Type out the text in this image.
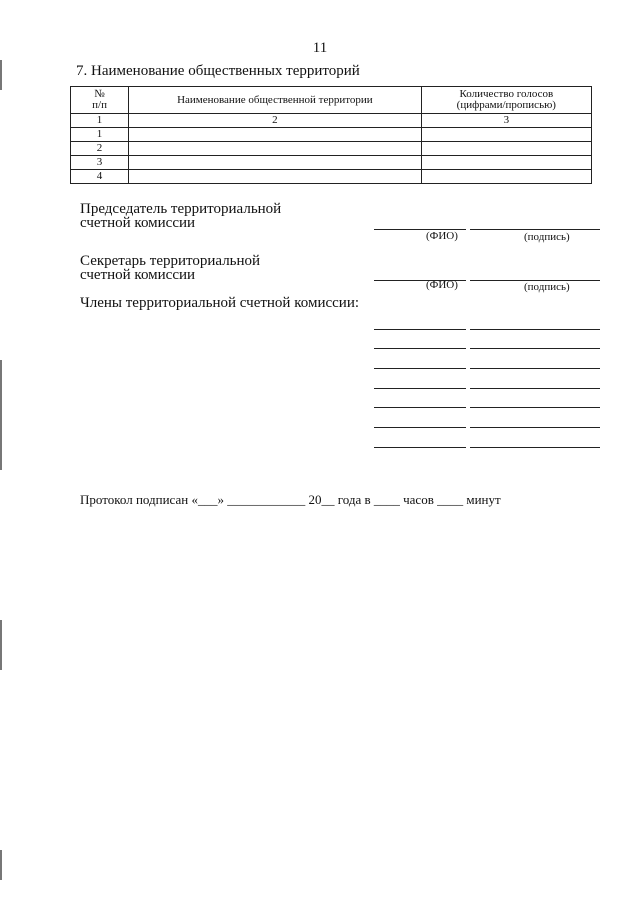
11
7. Наименование общественных территорий
№
п/п	Наименование общественной территории	Количество голосов
(цифрами/прописью)
1	2	3
1		
2		
3		
4		
Председатель территориальной
счетной комиссии
(ФИО)	(подпись)
Секретарь территориальной
счетной комиссии
(ФИО)	(подпись)
Члены территориальной счетной комиссии:
Протокол подписан «___» ____________ 20__ года в ____ часов ____ минут
